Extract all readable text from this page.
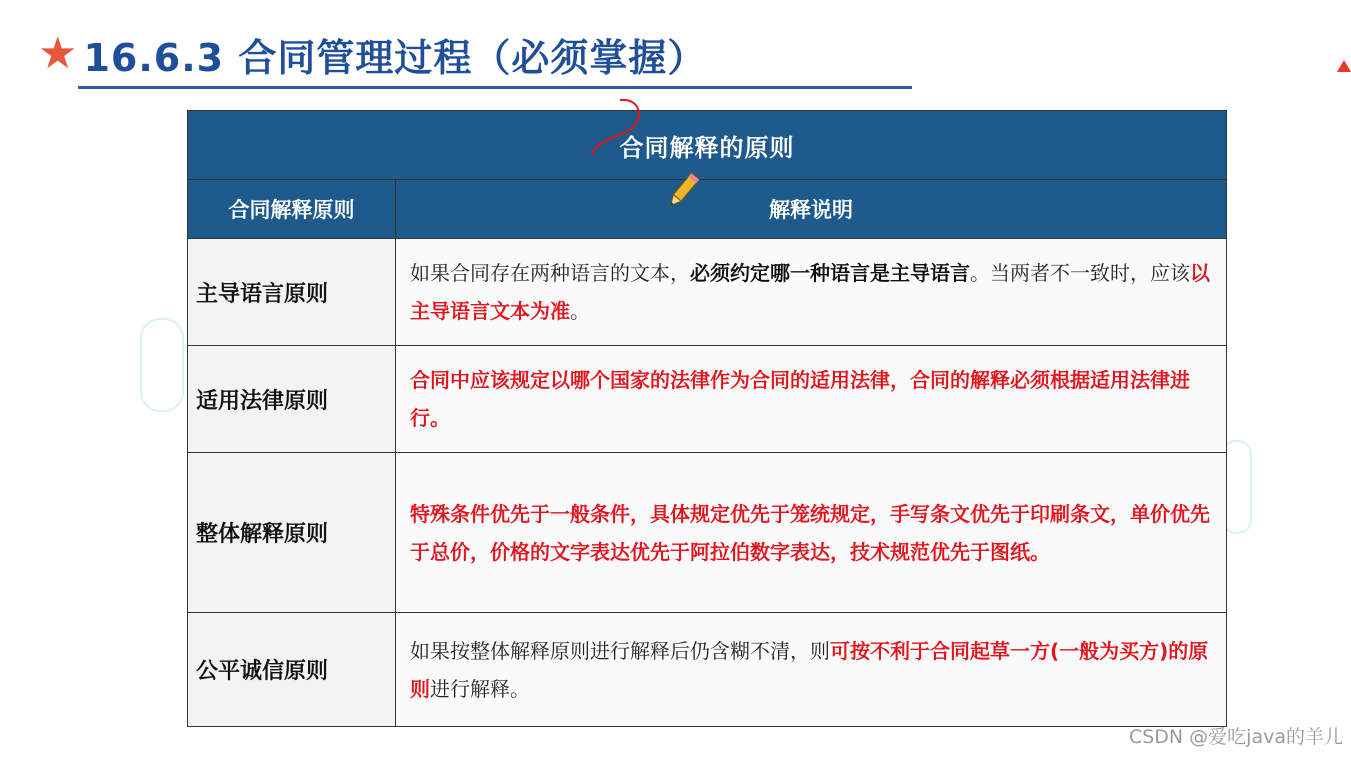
★ 16.6.3 合同管理过程（必须掌握）
合同解释的原则	
合同解释原则	解释说明
主导语言原则	如果合同存在两种语言的文本，必须约定哪一种语言是主导语言。当两者不一致时，应该以主导语言文本为准。
适用法律原则	合同中应该规定以哪个国家的法律作为合同的适用法律，合同的解释必须根据适用法律进行。
整体解释原则	特殊条件优先于一般条件，具体规定优先于笼统规定，手写条文优先于印刷条文，单价优先于总价，价格的文字表达优先于阿拉伯数字表达，技术规范优先于图纸。
公平诚信原则	如果按整体解释原则进行解释后仍含糊不清，则可按不利于合同起草一方(一般为买方)的原则进行解释。
CSDN @爱吃java的羊儿
